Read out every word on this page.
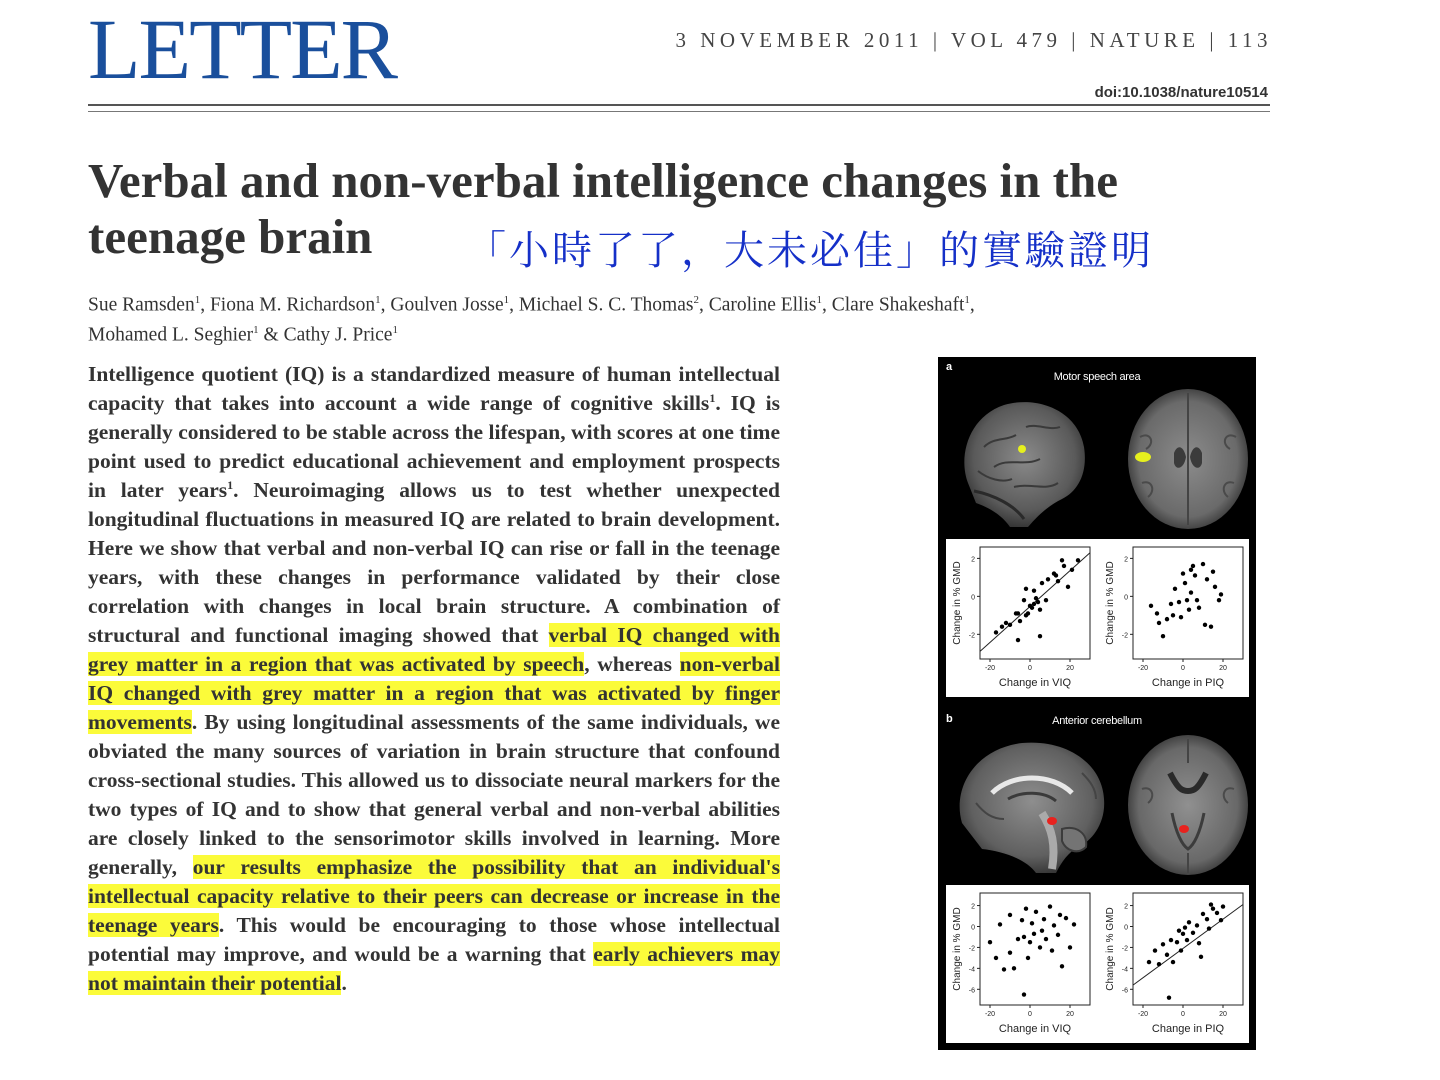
LETTER	3 NOVEMBER 2011 | VOL 479 | NATURE | 113
doi:10.1038/nature10514
Verbal and non-verbal intelligence changes in the
teenage brain	「小時了了，大未必佳」的實驗證明
Sue Ramsden$^1$, Fiona M. Richardson$^1$, Goulven Josse$^1$, Michael S. C. Thomas$^2$, Caroline Ellis$^1$, Clare Shakeshaft$^1$,
Mohamed L. Seghier$^1$ & Cathy J. Price$^1$
Intelligence quotient (IQ) is a standardized measure of human intellectual capacity that takes into account a wide range of cognitive skills$^1$. IQ is generally considered to be stable across the lifespan, with scores at one time point used to predict educational achievement and employment prospects in later years$^1$. Neuroimaging allows us to test whether unexpected longitudinal fluctuations in measured IQ are related to brain development. Here we show that verbal and non-verbal IQ can rise or fall in the teenage years, with these changes in performance validated by their close correlation with changes in local brain structure. A combination of structural and functional imaging showed that verbal IQ changed with grey matter in a region that was activated by speech, whereas non-verbal IQ changed with grey matter in a region that was activated by finger movements. By using longitudinal assessments of the same individuals, we obviated the many sources of variation in brain structure that confound cross-sectional studies. This allowed us to dissociate neural markers for the two types of IQ and to show that general verbal and non-verbal abilities are closely linked to the sensorimotor skills involved in learning. More generally, our results emphasize the possibility that an individual's intellectual capacity relative to their peers can decrease or increase in the teenage years. This would be encouraging to those whose intellectual potential may improve, and would be a warning that early achievers may not maintain their potential.
a
Motor speech area
2
0
-2
-20	0	20
Change in VIQ
Change in % GMD
2
0
-2
-20	0	20
Change in PIQ
Change in % GMD
b	Anterior cerebellum
2
0
-2
-4
-6
-20	0	20
Change in VIQ
Change in % GMD
2
0
-2
-4
-6
-20	0	20
Change in PIQ
Change in % GMD
